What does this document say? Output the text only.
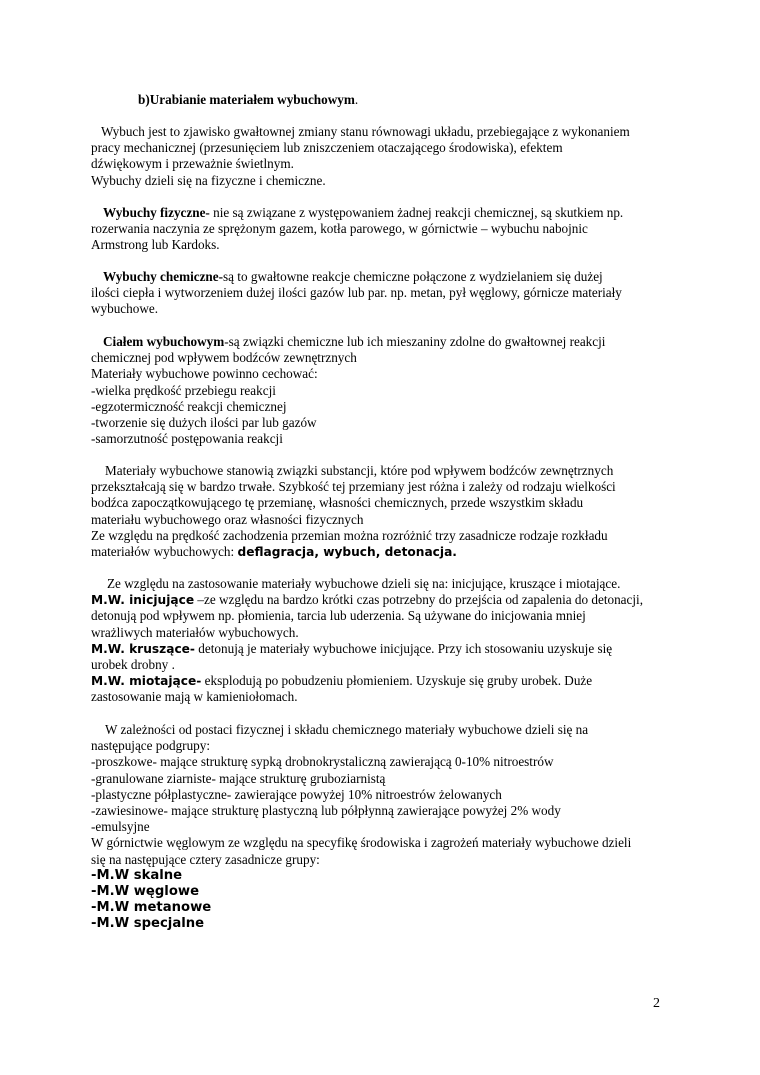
b)Urabianie materiałem wybuchowym.
Wybuch jest to zjawisko gwałtownej zmiany stanu równowagi układu, przebiegające z wykonaniem
pracy mechanicznej (przesunięciem lub zniszczeniem otaczającego środowiska), efektem
dźwiękowym i przeważnie świetlnym.
Wybuchy dzieli się na fizyczne i chemiczne.
Wybuchy fizyczne- nie są związane z występowaniem żadnej reakcji chemicznej, są skutkiem np.
rozerwania naczynia ze sprężonym gazem, kotła parowego, w górnictwie – wybuchu nabojnic
Armstrong lub Kardoks.
Wybuchy chemiczne-są to gwałtowne reakcje chemiczne połączone z wydzielaniem się dużej
ilości ciepła i wytworzeniem dużej ilości gazów lub par. np. metan, pył węglowy, górnicze materiały
wybuchowe.
Ciałem wybuchowym-są związki chemiczne lub ich mieszaniny zdolne do gwałtownej reakcji
chemicznej pod wpływem bodźców zewnętrznych
Materiały wybuchowe powinno cechować:
-wielka prędkość przebiegu reakcji
-egzotermiczność reakcji chemicznej
-tworzenie się dużych ilości par lub gazów
-samorzutność postępowania reakcji
Materiały wybuchowe stanowią związki substancji, które pod wpływem bodźców zewnętrznych
przekształcają się w bardzo trwałe. Szybkość tej przemiany jest różna i zależy od rodzaju wielkości
bodźca zapoczątkowującego tę przemianę, własności chemicznych, przede wszystkim składu
materiału wybuchowego oraz własności fizycznych
Ze względu na prędkość zachodzenia przemian można rozróżnić trzy zasadnicze rodzaje rozkładu
materiałów wybuchowych: deflagracja, wybuch, detonacja.
Ze względu na zastosowanie materiały wybuchowe dzieli się na: inicjujące, kruszące i miotające.
M.W. inicjujące –ze względu na bardzo krótki czas potrzebny do przejścia od zapalenia do detonacji,
detonują pod wpływem np. płomienia, tarcia lub uderzenia. Są używane do inicjowania mniej
wrażliwych materiałów wybuchowych.
M.W. kruszące- detonują je materiały wybuchowe inicjujące. Przy ich stosowaniu uzyskuje się
urobek drobny .
M.W. miotające- eksplodują po pobudzeniu płomieniem. Uzyskuje się gruby urobek. Duże
zastosowanie mają w kamieniołomach.
W zależności od postaci fizycznej i składu chemicznego materiały wybuchowe dzieli się na
następujące podgrupy:
-proszkowe- mające strukturę sypką drobnokrystaliczną zawierającą 0-10% nitroestrów
-granulowane ziarniste- mające strukturę gruboziarnistą
-plastyczne półplastyczne- zawierające powyżej 10% nitroestrów żelowanych
-zawiesinowe- mające strukturę plastyczną lub półpłynną zawierające powyżej 2% wody
-emulsyjne
W górnictwie węglowym ze względu na specyfikę środowiska i zagrożeń materiały wybuchowe dzieli
się na następujące cztery zasadnicze grupy:
-M.W skalne
-M.W węglowe
-M.W metanowe
-M.W specjalne
2
